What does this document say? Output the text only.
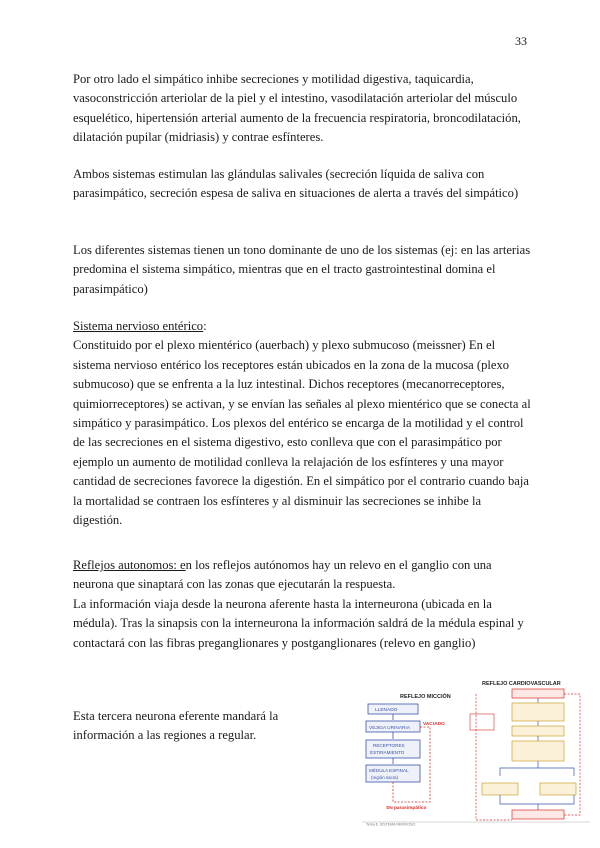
33

Por otro lado el simpático inhibe secreciones y motilidad digestiva, taquicardia, vasoconstricción arteriolar de la piel y el intestino, vasodilatación arteriolar del músculo esquelético, hipertensión arterial aumento de la frecuencia respiratoria, broncodilatación, dilatación pupilar (midriasis) y contrae esfínteres.

Ambos sistemas estimulan las glándulas salivales (secreción líquida de saliva con parasimpático, secreción espesa de saliva en situaciones de alerta a través del simpático)

Los diferentes sistemas tienen un tono dominante de uno de los sistemas (ej: en las arterias predomina el sistema simpático, mientras que en el tracto gastrointestinal domina el parasimpático)

Sistema nervioso entérico:
Constituido por el plexo mientérico (auerbach) y plexo submucoso (meissner) En el sistema nervioso entérico los receptores están ubicados en la zona de la mucosa (plexo submucoso) que se enfrenta a la luz intestinal. Dichos receptores (mecanorreceptores, quimiorreceptores) se activan, y se envían las señales al plexo mientérico que se conecta al simpático y parasimpático. Los plexos del entérico se encarga de la motilidad y el control de las secreciones en el sistema digestivo, esto conlleva que con el parasimpático por ejemplo un aumento de motilidad conlleva la relajación de los esfínteres y una mayor cantidad de secreciones favorece la digestión. En el simpático por el contrario cuando baja la mortalidad se contraen los esfínteres y al disminuir las secreciones se inhibe la digestión.

Reflejos autonomos: en los reflejos autónomos hay un relevo en el ganglio con una neurona que sinaptará con las zonas que ejecutarán la respuesta.
La información viaja desde la neurona aferente hasta la interneurona (ubicada en la médula). Tras la sinapsis con la interneurona la información saldrá de la médula espinal y contactará con las fibras preganglionares y postganglionares (relevo en ganglio)

Esta tercera neurona eferente mandará la información a las regiones a regular.

REFLEJO MICCIÓN
LLENADO
VEJIGA URINARIA
RECEPTORES
ESTIRAMIENTO
MÉDULA ESPINAL
(región sacra)
VACIADO
SN parasimpático
REFLEJO CARDIOVASCULAR
Tema 6. SISTEMA NERVIOSO
